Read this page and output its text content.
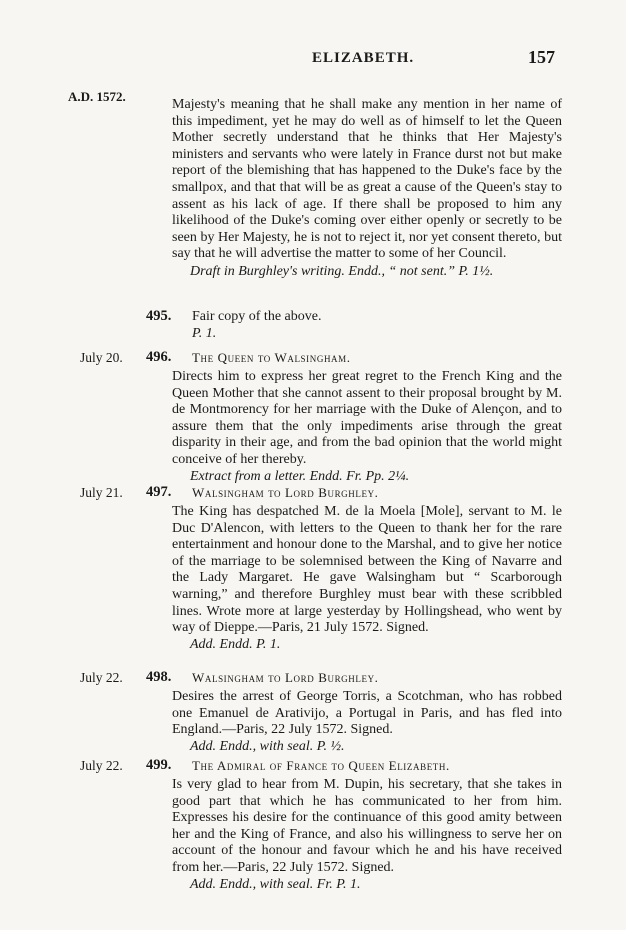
ELIZABETH.	157
A.D. 1572.

Majesty's meaning that he shall make any mention in her name of this impediment, yet he may do well as of himself to let the Queen Mother secretly understand that he thinks that Her Majesty's ministers and servants who were lately in France durst not but make report of the blemishing that has happened to the Duke's face by the smallpox, and that that will be as great a cause of the Queen's stay to assent as his lack of age. If there shall be proposed to him any likelihood of the Duke's coming over either openly or secretly to be seen by Her Majesty, he is not to reject it, nor yet consent thereto, but say that he will advertise the matter to some of her Council.

Draft in Burghley's writing. Endd., “ not sent.” P. 1½.

495. Fair copy of the above.

P. 1.

July 20. 496. The Queen to Walsingham.

Directs him to express her great regret to the French King and the Queen Mother that she cannot assent to their proposal brought by M. de Montmorency for her marriage with the Duke of Alençon, and to assure them that the only impediments arise through the great disparity in their age, and from the bad opinion that the world might conceive of her thereby.

Extract from a letter. Endd. Fr. Pp. 2¼.

July 21. 497. Walsingham to Lord Burghley.

The King has despatched M. de la Moela [Mole], servant to M. le Duc D'Alencon, with letters to the Queen to thank her for the rare entertainment and honour done to the Marshal, and to give her notice of the marriage to be solemnised between the King of Navarre and the Lady Margaret. He gave Walsingham but “ Scarborough warning,” and therefore Burghley must bear with these scribbled lines. Wrote more at large yesterday by Hollingshead, who went by way of Dieppe.—Paris, 21 July 1572. Signed.

Add. Endd. P. 1.

July 22. 498. Walsingham to Lord Burghley.

Desires the arrest of George Torris, a Scotchman, who has robbed one Emanuel de Arativijo, a Portugal in Paris, and has fled into England.—Paris, 22 July 1572. Signed.

Add. Endd., with seal. P. ½.

July 22. 499. The Admiral of France to Queen Elizabeth.

Is very glad to hear from M. Dupin, his secretary, that she takes in good part that which he has communicated to her from him. Expresses his desire for the continuance of this good amity between her and the King of France, and also his willingness to serve her on account of the honour and favour which he and his have received from her.—Paris, 22 July 1572. Signed.

Add. Endd., with seal. Fr. P. 1.
